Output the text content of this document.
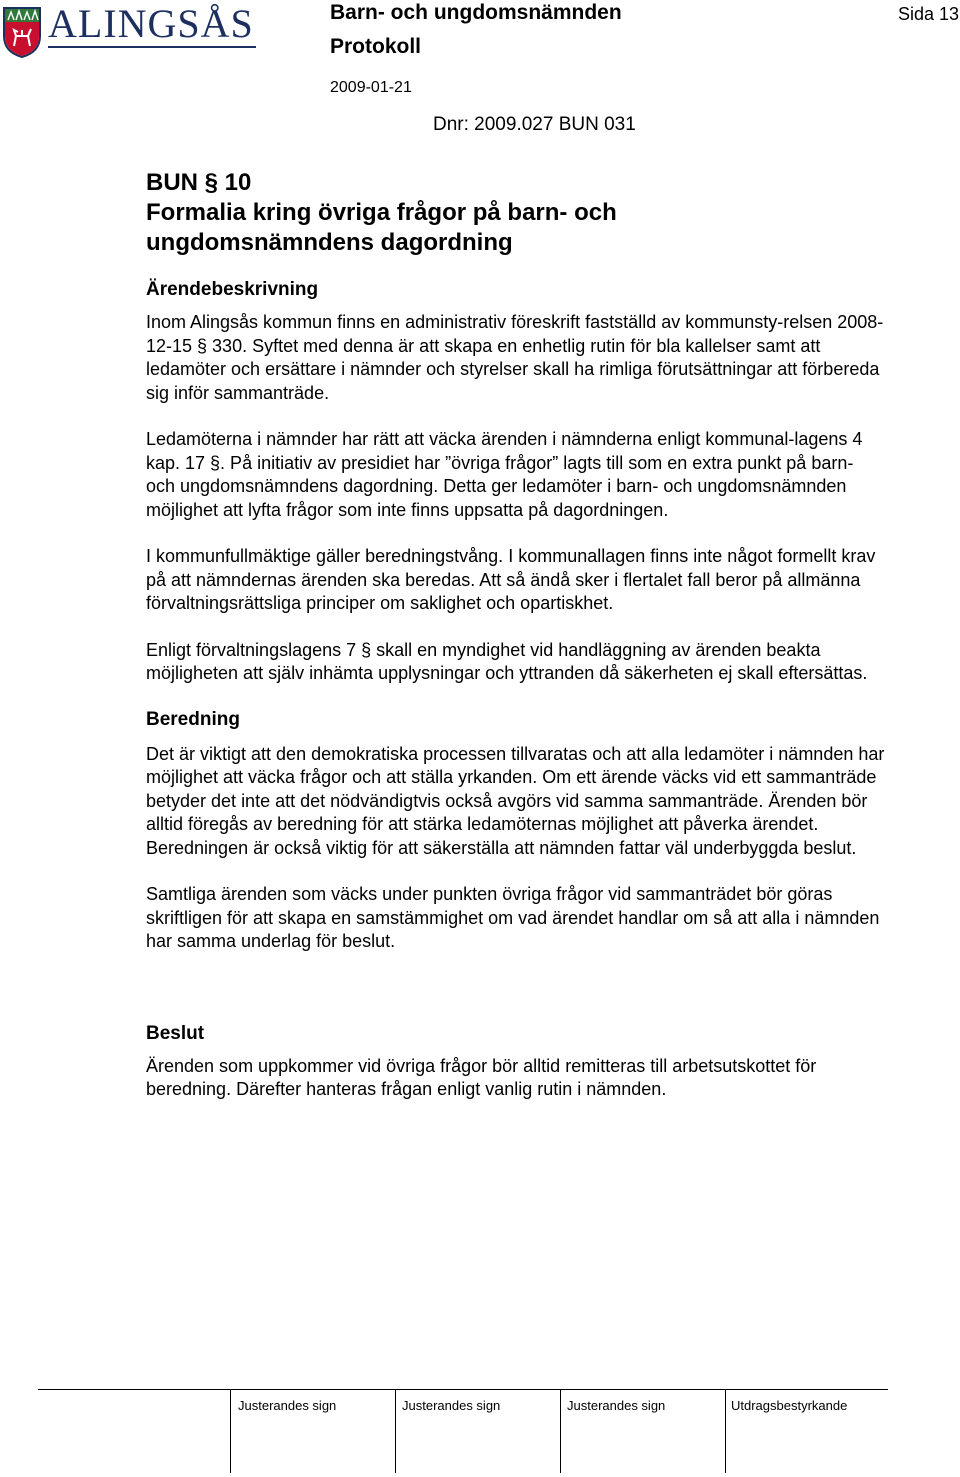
ALINGSÅS	Barn- och ungdomsnämnden
Protokoll
2009-01-21
Sida 13
Dnr: 2009.027 BUN 031
BUN § 10
Formalia kring övriga frågor på barn- och
ungdomsnämndens dagordning
Ärendebeskrivning

Inom Alingsås kommun finns en administrativ föreskrift fastställd av kommunsty-relsen 2008-12-15 § 330. Syftet med denna är att skapa en enhetlig rutin för bla kallelser samt att ledamöter och ersättare i nämnder och styrelser skall ha rimliga förutsättningar att förbereda sig inför sammanträde.

Ledamöterna i nämnder har rätt att väcka ärenden i nämnderna enligt kommunal-lagens 4 kap. 17 §. På initiativ av presidiet har ”övriga frågor” lagts till som en extra punkt på barn- och ungdomsnämndens dagordning. Detta ger ledamöter i barn- och ungdomsnämnden möjlighet att lyfta frågor som inte finns uppsatta på dagordningen.

I kommunfullmäktige gäller beredningstvång. I kommunallagen finns inte något formellt krav på att nämndernas ärenden ska beredas. Att så ändå sker i flertalet fall beror på allmänna förvaltningsrättsliga principer om saklighet och opartiskhet.

Enligt förvaltningslagens 7 § skall en myndighet vid handläggning av ärenden beakta möjligheten att själv inhämta upplysningar och yttranden då säkerheten ej skall eftersättas.

Beredning

Det är viktigt att den demokratiska processen tillvaratas och att alla ledamöter i nämnden har möjlighet att väcka frågor och att ställa yrkanden. Om ett ärende väcks vid ett sammanträde betyder det inte att det nödvändigtvis också avgörs vid samma sammanträde. Ärenden bör alltid föregås av beredning för att stärka ledamöternas möjlighet att påverka ärendet. Beredningen är också viktig för att säkerställa att nämnden fattar väl underbyggda beslut.

Samtliga ärenden som väcks under punkten övriga frågor vid sammanträdet bör göras skriftligen för att skapa en samstämmighet om vad ärendet handlar om så att alla i nämnden har samma underlag för beslut.

Beslut

Ärenden som uppkommer vid övriga frågor bör alltid remitteras till arbetsutskottet för beredning. Därefter hanteras frågan enligt vanlig rutin i nämnden.

Justerandes sign	Justerandes sign	Justerandes sign	Utdragsbestyrkande
